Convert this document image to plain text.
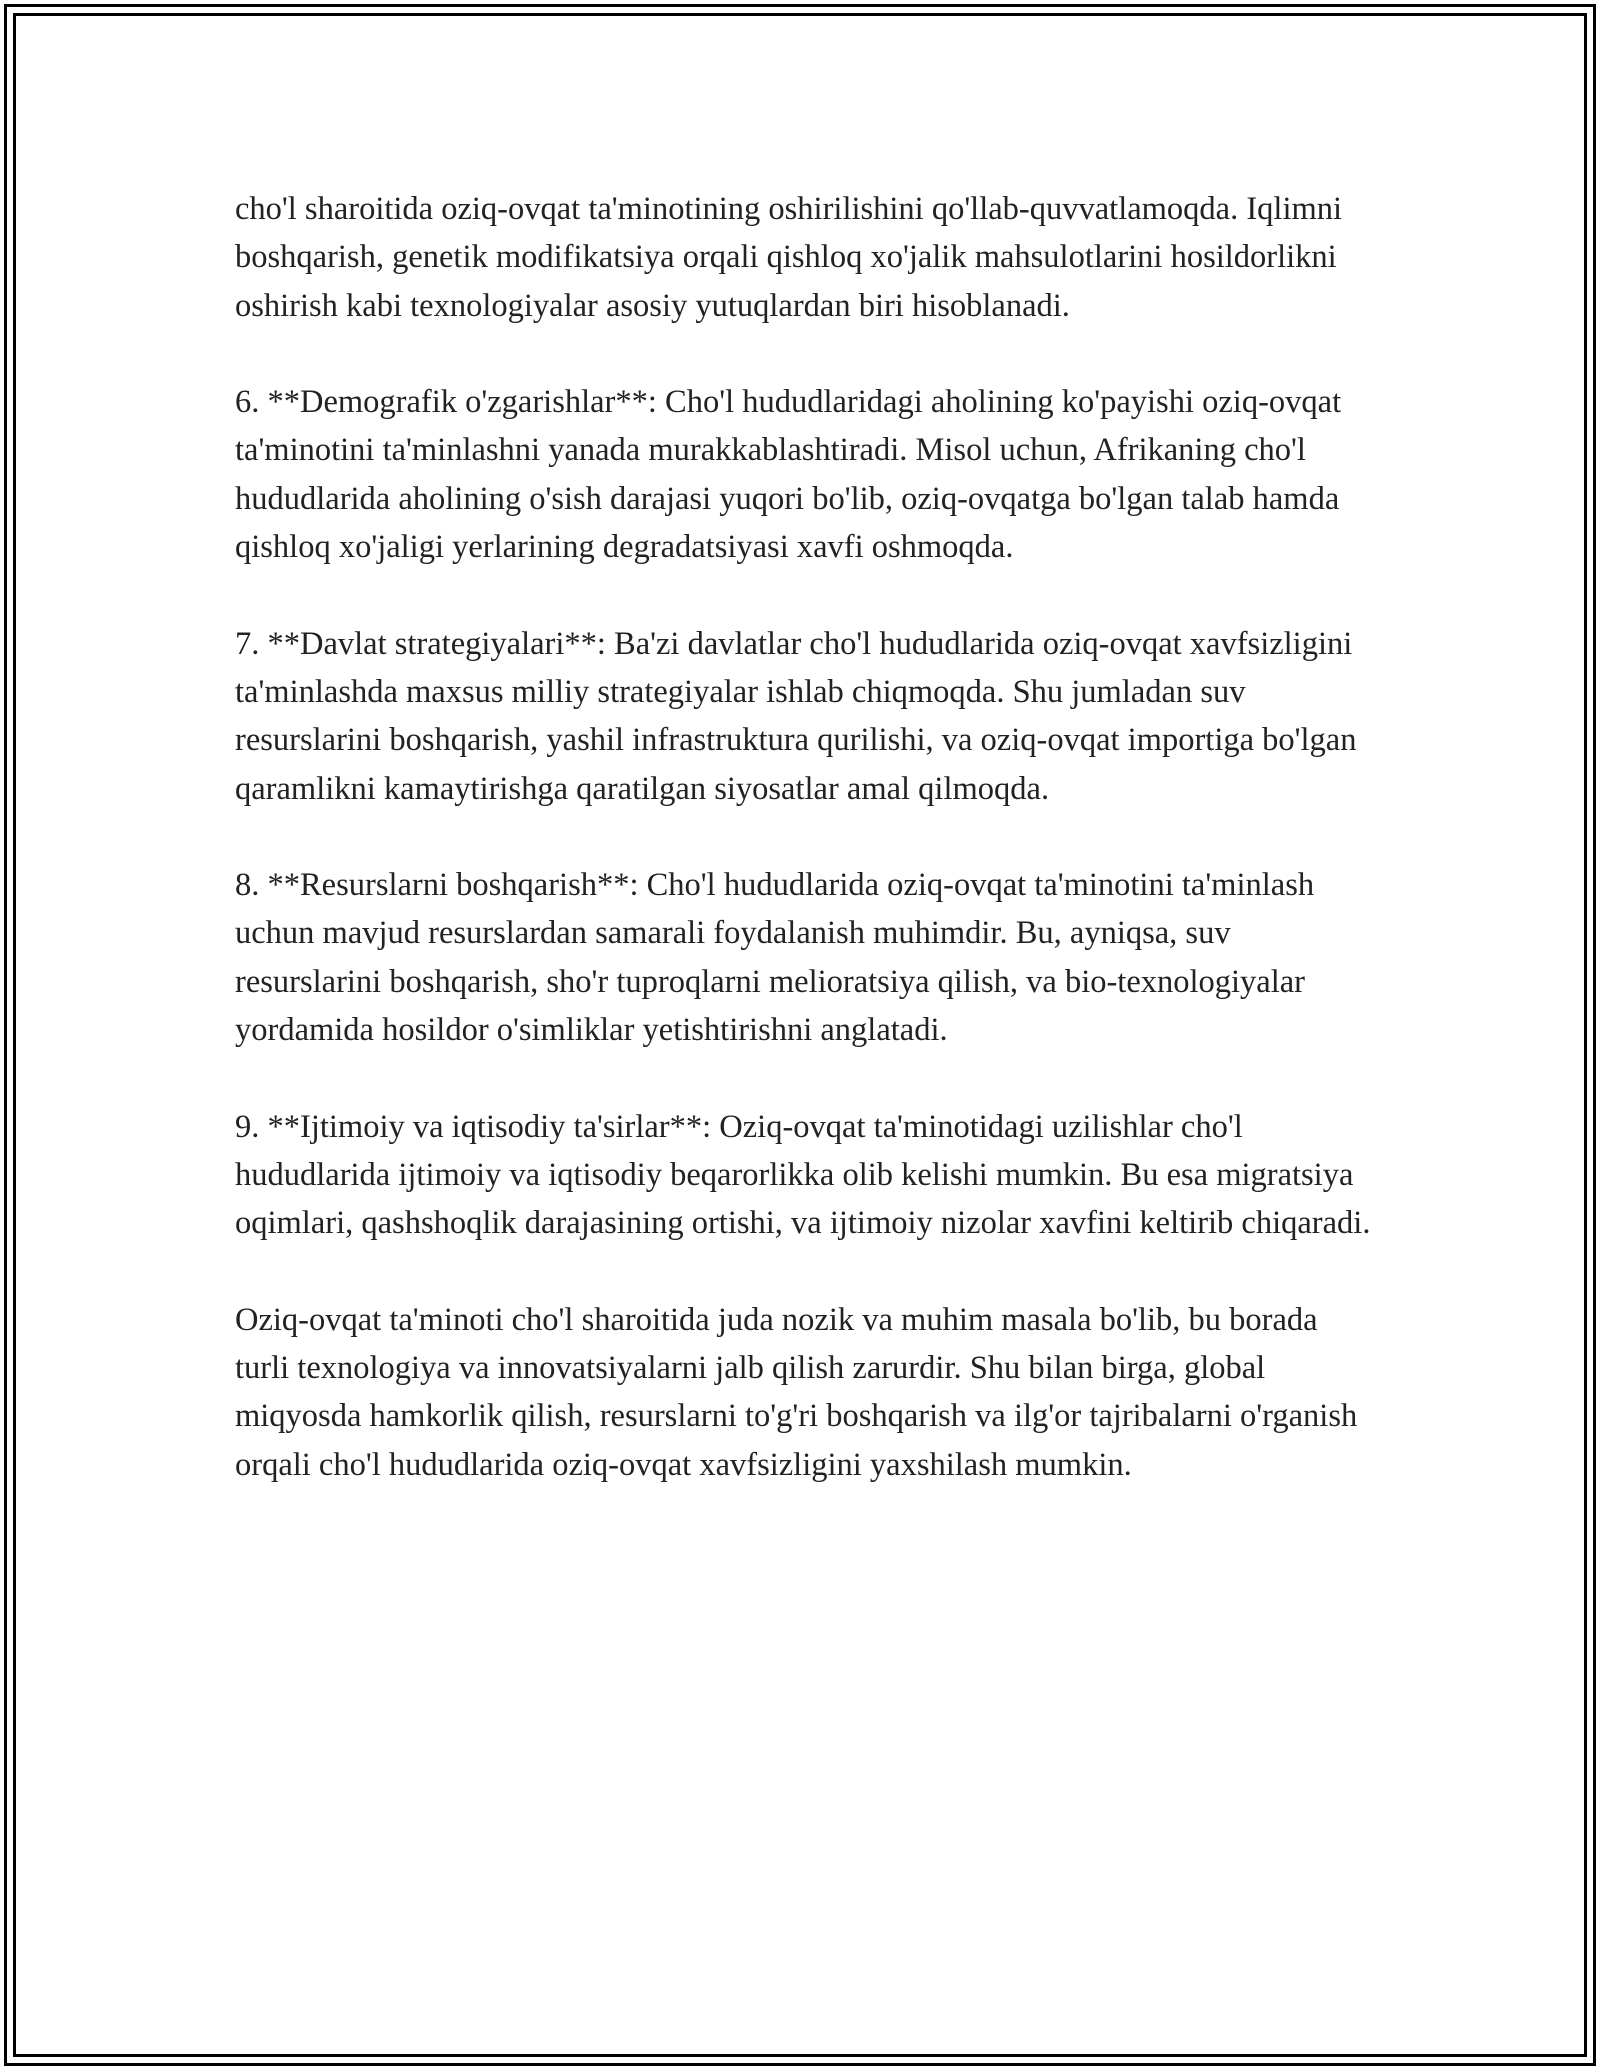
cho'l sharoitida oziq-ovqat ta'minotining oshirilishini qo'llab-quvvatlamoqda. Iqlimni boshqarish, genetik modifikatsiya orqali qishloq xo'jalik mahsulotlarini hosildorlikni oshirish kabi texnologiyalar asosiy yutuqlardan biri hisoblanadi.

6. **Demografik o'zgarishlar**: Cho'l hududlaridagi aholining ko'payishi oziq-ovqat ta'minotini ta'minlashni yanada murakkablashtiradi. Misol uchun, Afrikaning cho'l hududlarida aholining o'sish darajasi yuqori bo'lib, oziq-ovqatga bo'lgan talab hamda qishloq xo'jaligi yerlarining degradatsiyasi xavfi oshmoqda.

7. **Davlat strategiyalari**: Ba'zi davlatlar cho'l hududlarida oziq-ovqat xavfsizligini ta'minlashda maxsus milliy strategiyalar ishlab chiqmoqda. Shu jumladan suv resurslarini boshqarish, yashil infrastruktura qurilishi, va oziq-ovqat importiga bo'lgan qaramlikni kamaytirishga qaratilgan siyosatlar amal qilmoqda.

8. **Resurslarni boshqarish**: Cho'l hududlarida oziq-ovqat ta'minotini ta'minlash uchun mavjud resurslardan samarali foydalanish muhimdir. Bu, ayniqsa, suv resurslarini boshqarish, sho'r tuproqlarni melioratsiya qilish, va bio-texnologiyalar yordamida hosildor o'simliklar yetishtirishni anglatadi.

9. **Ijtimoiy va iqtisodiy ta'sirlar**: Oziq-ovqat ta'minotidagi uzilishlar cho'l hududlarida ijtimoiy va iqtisodiy beqarorlikka olib kelishi mumkin. Bu esa migratsiya oqimlari, qashshoqlik darajasining ortishi, va ijtimoiy nizolar xavfini keltirib chiqaradi.

Oziq-ovqat ta'minoti cho'l sharoitida juda nozik va muhim masala bo'lib, bu borada turli texnologiya va innovatsiyalarni jalb qilish zarurdir. Shu bilan birga, global miqyosda hamkorlik qilish, resurslarni to'g'ri boshqarish va ilg'or tajribalarni o'rganish orqali cho'l hududlarida oziq-ovqat xavfsizligini yaxshilash mumkin.
